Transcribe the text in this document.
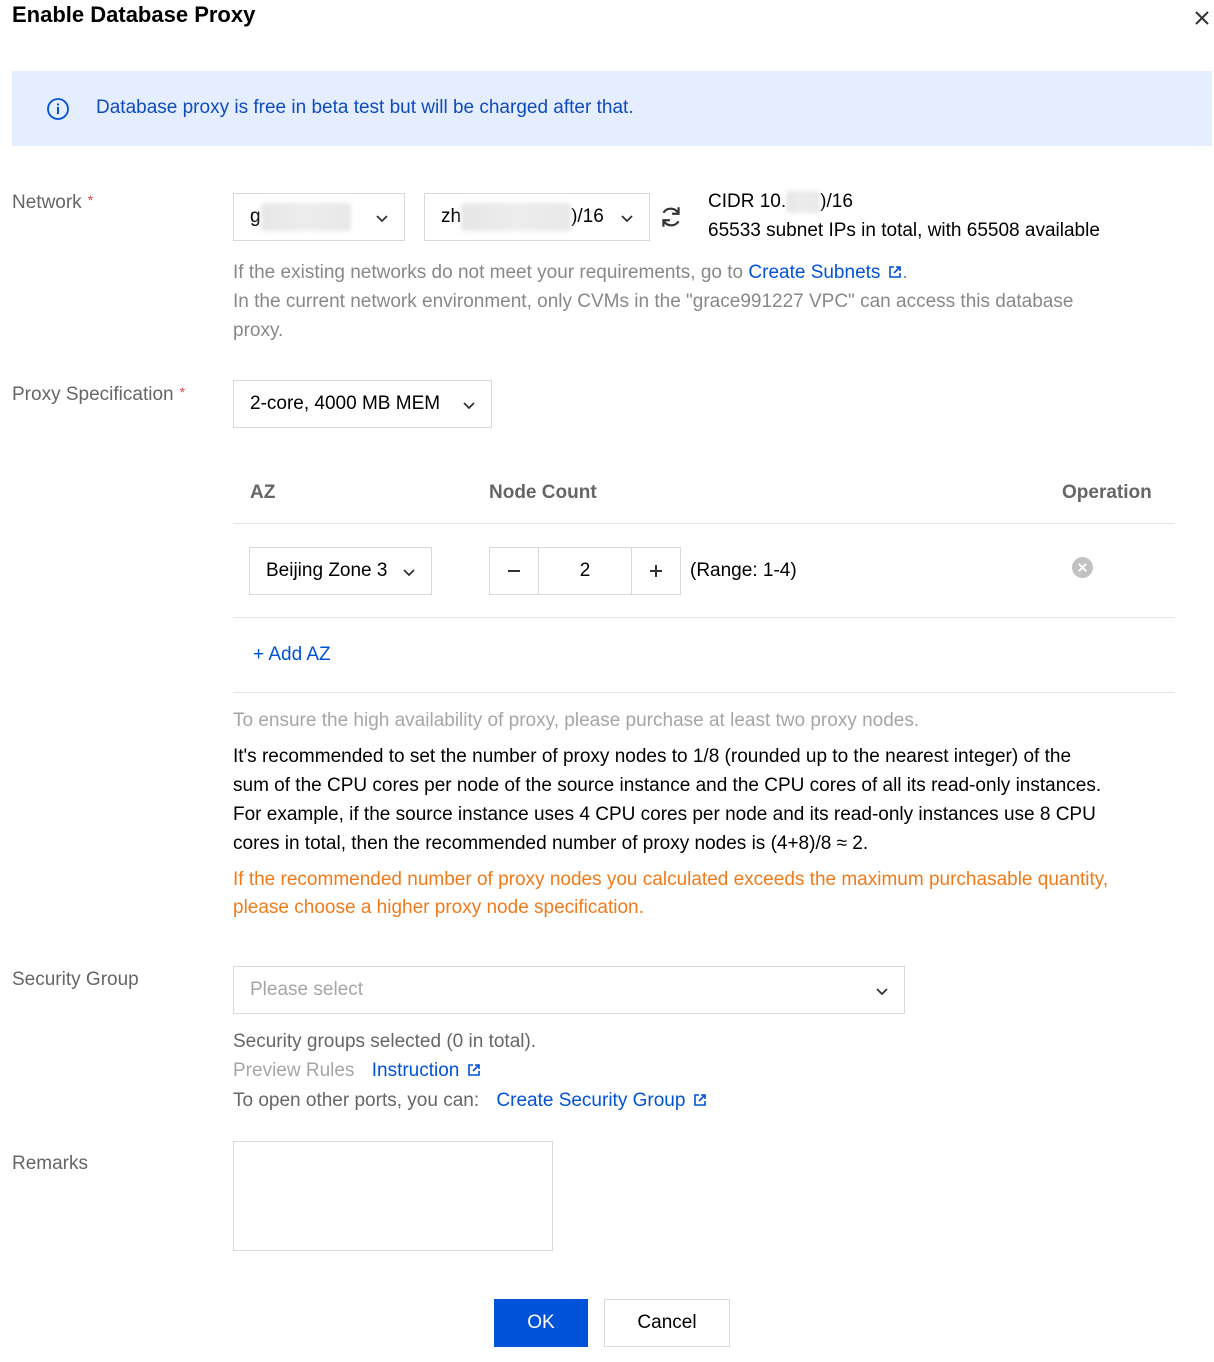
Enable Database Proxy
Database proxy is free in beta test but will be charged after that.
Network *
g	zh	)/16
CIDR 10. )/16
65533 subnet IPs in total, with 65508 available
If the existing networks do not meet your requirements, go to Create Subnets .
In the current network environment, only CVMs in the "grace991227 VPC" can access this database
proxy.
Proxy Specification *
2-core, 4000 MB MEM
AZ	Node Count	Operation
Beijing Zone 3	2	(Range: 1-4)
+ Add AZ
To ensure the high availability of proxy, please purchase at least two proxy nodes.
It's recommended to set the number of proxy nodes to 1/8 (rounded up to the nearest integer) of the
sum of the CPU cores per node of the source instance and the CPU cores of all its read-only instances.
For example, if the source instance uses 4 CPU cores per node and its read-only instances use 8 CPU
cores in total, then the recommended number of proxy nodes is (4+8)/8 ≈ 2.
If the recommended number of proxy nodes you calculated exceeds the maximum purchasable quantity,
please choose a higher proxy node specification.
Security Group	Please select
Security groups selected (0 in total).
Preview Rules Instruction
To open other ports, you can: Create Security Group
Remarks
OK	Cancel
